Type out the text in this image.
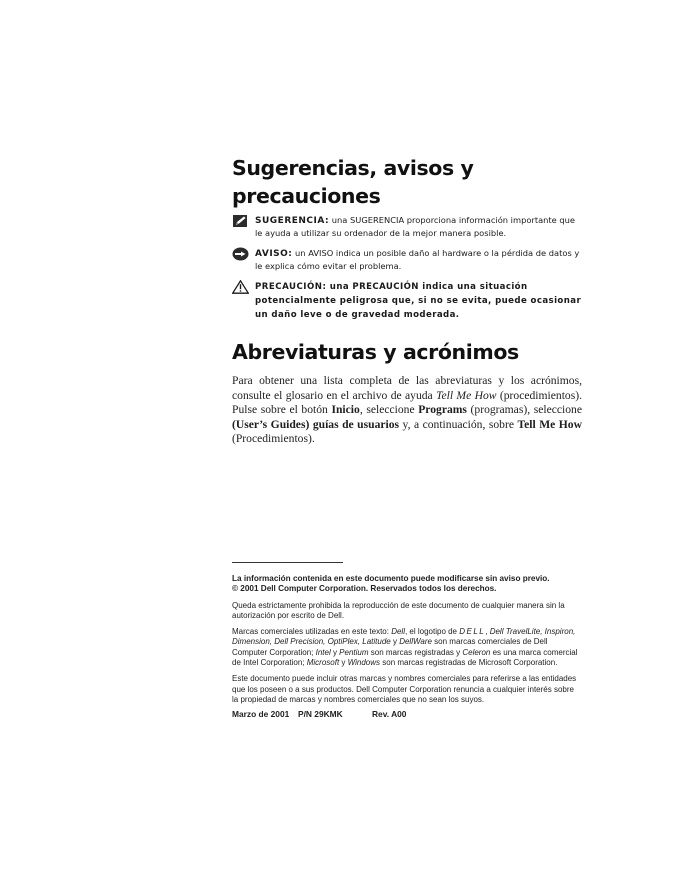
Sugerencias, avisos y precauciones
SUGERENCIA: una SUGERENCIA proporciona información importante que le ayuda a utilizar su ordenador de la mejor manera posible.
AVISO: un AVISO indica un posible daño al hardware o la pérdida de datos y le explica cómo evitar el problema.
PRECAUCIÓN: una PRECAUCIÓN indica una situación potencialmente peligrosa que, si no se evita, puede ocasionar un daño leve o de gravedad moderada.
Abreviaturas y acrónimos

Para obtener una lista completa de las abreviaturas y los acrónimos, consulte el glosario en el archivo de ayuda Tell Me How (procedimientos). Pulse sobre el botón Inicio, seleccione Programs (programas), seleccione (User’s Guides) guías de usuarios y, a continuación, sobre Tell Me How (Procedimientos).

La información contenida en este documento puede modificarse sin aviso previo.

© 2001 Dell Computer Corporation. Reservados todos los derechos.

Queda estrictamente prohibida la reproducción de este documento de cualquier manera sin la autorización por escrito de Dell.

Marcas comerciales utilizadas en este texto: Dell, el logotipo de DELL, Dell TravelLite, Inspiron, Dimension, Dell Precision, OptiPlex, Latitude y DellWare son marcas comerciales de Dell Computer Corporation; Intel y Pentium son marcas registradas y Celeron es una marca comercial de Intel Corporation; Microsoft y Windows son marcas registradas de Microsoft Corporation.

Este documento puede incluir otras marcas y nombres comerciales para referirse a las entidades que los poseen o a sus productos. Dell Computer Corporation renuncia a cualquier interés sobre la propiedad de marcas y nombres comerciales que no sean los suyos.

Marzo de 2001 P/N 29KMK	Rev. A00
